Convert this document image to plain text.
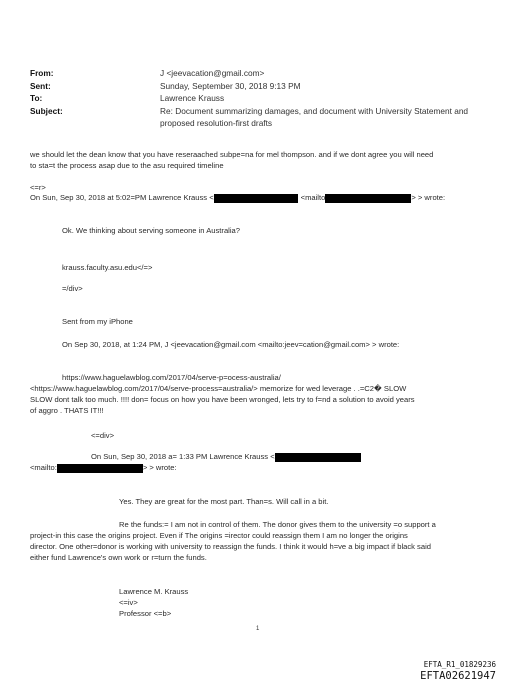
From:	J <jeevacation@gmail.com>
Sent:	Sunday, September 30, 2018 9:13 PM
To:	Lawrence Krauss
Subject:	Re: Document summarizing damages, and document with University Statement and
proposed resolution-first drafts
we should let the dean know that you have reseraached subpe=na for mel thompson. and if we dont agree you will need
to sta=t the process asap due to the asu required timeline
<=r>
On Sun, Sep 30, 2018 at 5:02=PM Lawrence Krauss <	<mailto	> > wrote:
Ok. We thinking about serving someone in Australia?
krauss.faculty.asu.edu</=>
=/div>
Sent from my iPhone
On Sep 30, 2018, at 1:24 PM, J <jeevacation@gmail.com <mailto:jeev=cation@gmail.com> > wrote:
https://www.haguelawblog.com/2017/04/serve-p=ocess-australia/
<https://www.haguelawblog.com/2017/04/serve-process=australia/> memorize for wed leverage . .=C2� SLOW
SLOW dont talk too much. !!!! don= focus on how you have been wronged, lets try to f=nd a solution to avoid years
of aggro . THATS IT!!!
<=div>
On Sun, Sep 30, 2018 a= 1:33 PM Lawrence Krauss <
<mailto:	> > wrote:
Yes. They are great for the most part. Than=s. Will call in a bit.
Re the funds:= I am not in control of them. The donor gives them to the university =o support a
project-in this case the origins project. Even if The origins =irector could reassign them I am no longer the origins
director. One other=donor is working with university to reassign the funds. I think it would h=ve a big impact if black said
either fund Lawrence's own work or r=turn the funds.
Lawrence M. Krauss
<=iv>
Professor <=b>
1
EFTA_R1_01829236
EFTA02621947
